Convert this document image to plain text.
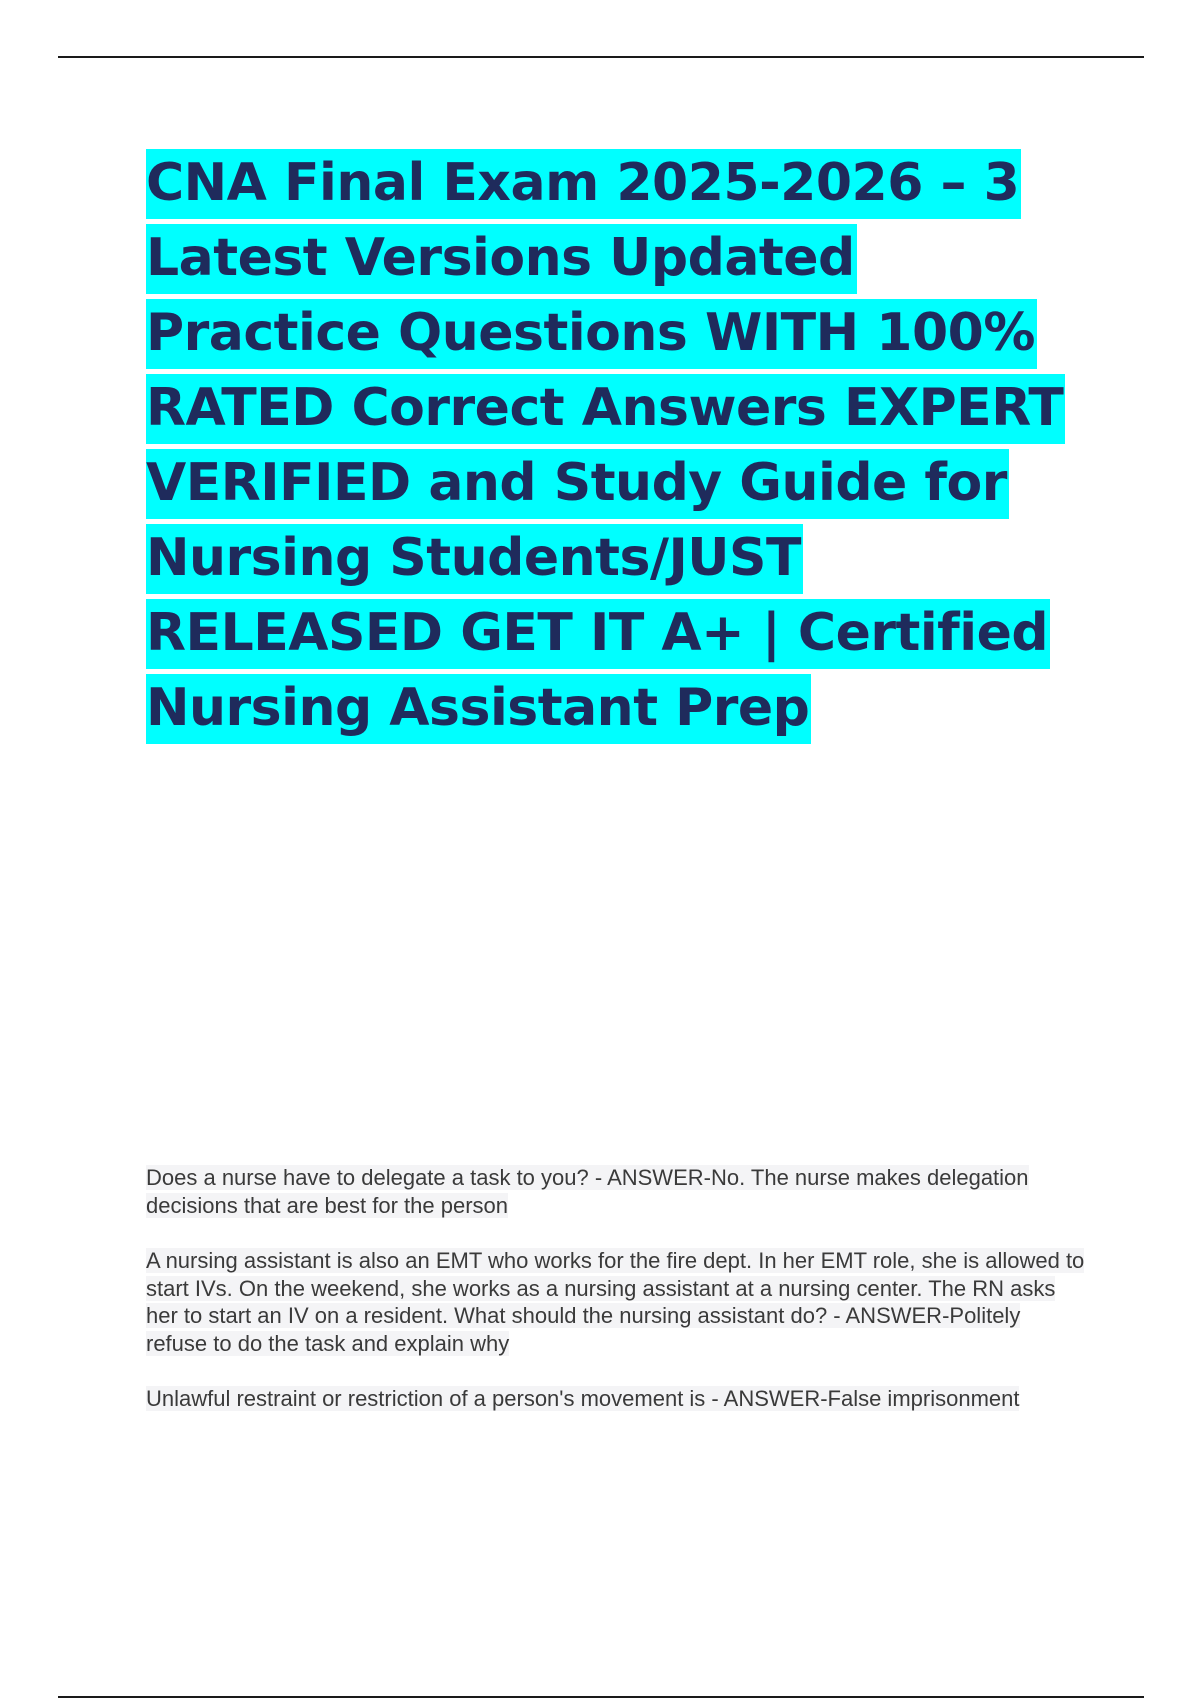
CNA Final Exam 2025-2026 – 3 Latest Versions Updated Practice Questions WITH 100% RATED Correct Answers EXPERT VERIFIED and Study Guide for Nursing Students/JUST RELEASED GET IT A+ | Certified Nursing Assistant Prep

Does a nurse have to delegate a task to you? - ANSWER-No. The nurse makes delegation decisions that are best for the person

A nursing assistant is also an EMT who works for the fire dept. In her EMT role, she is allowed to start IVs. On the weekend, she works as a nursing assistant at a nursing center. The RN asks her to start an IV on a resident. What should the nursing assistant do? - ANSWER-Politely refuse to do the task and explain why

Unlawful restraint or restriction of a person's movement is - ANSWER-False imprisonment
